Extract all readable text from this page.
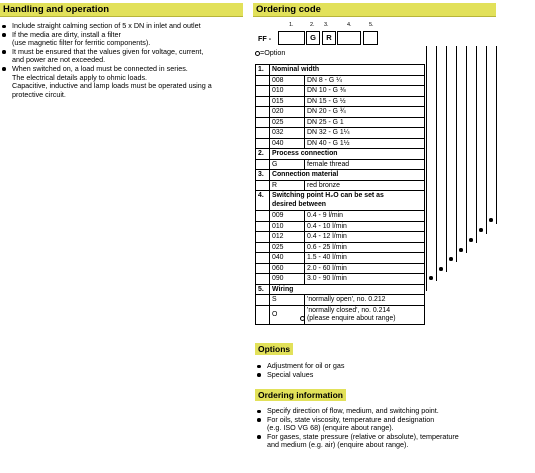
Handling and operation
Include straight calming section of 5 x DN in inlet and outlet
If the media are dirty, install a filter
(use magnetic filter for ferritic components).
It must be ensured that the values given for voltage, current,
and power are not exceeded.
When switched on, a load must be connected in series.
The electrical details apply to ohmic loads.
Capacitive, inductive and lamp loads must be operated using a
protective circuit.
Ordering code
1.	2. 3.	4.	5.
FF -	G	R
=Option
1.	Nominal width	
	008	DN 8 - G ¼
	010	DN 10 - G ⅜
	015	DN 15 - G ½
	020	DN 20 - G ¾
	025	DN 25 - G 1
	032	DN 32 - G 1¼
	040	DN 40 - G 1½
2.	Process connection	
	G	female thread
3.	Connection material	
	R	red bronze
4.	Switching point H₂O can be set as
desired between	
	009	0.4 - 9 l/min
	010	0.4 - 10 l/min
	012	0.4 - 12 l/min
	025	0.6 - 25 l/min
	040	1.5 - 40 l/min
	060	2.0 - 60 l/min
	090	3.0 - 90 l/min
5.	Wiring	
	S	'normally open', no. 0.212
	O	'normally closed', no. 0.214
(please enquire about range)
Options
Adjustment for oil or gas
Special values
Ordering information
Specify direction of flow, medium, and switching point.
For oils, state viscosity, temperature and designation
(e.g. ISO VG 68) (enquire about range).
For gases, state pressure (relative or absolute), temperature
and medium (e.g. air) (enquire about range).
